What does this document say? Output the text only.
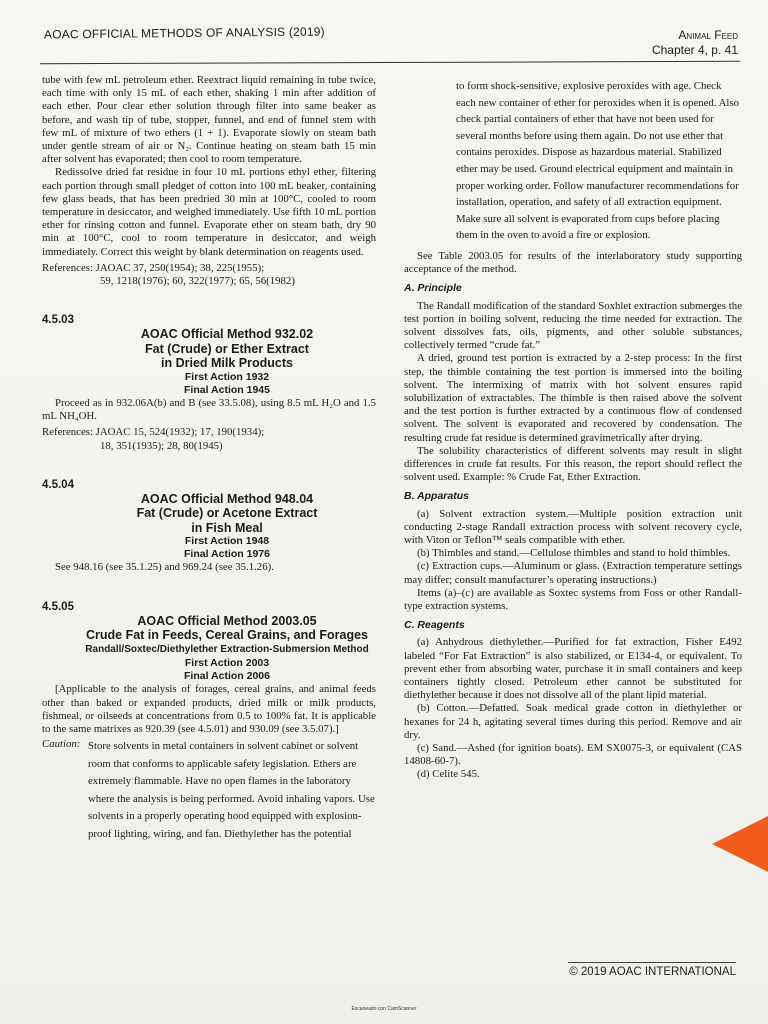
AOAC OFFICIAL METHODS OF ANALYSIS (2019)	Animal Feed
Chapter 4, p. 41

tube with few mL petroleum ether. Reextract liquid remaining in tube twice, each time with only 15 mL of each ether, shaking 1 min after addition of each ether. Pour clear ether solution through filter into same beaker as before, and wash tip of tube, stopper, funnel, and end of funnel stem with few mL of mixture of two ethers (1 + 1). Evaporate slowly on steam bath under gentle stream of air or N₂. Continue heating on steam bath 15 min after solvent has evaporated; then cool to room temperature.

Redissolve dried fat residue in four 10 mL portions ethyl ether, filtering each portion through small pledget of cotton into 100 mL beaker, containing few glass beads, that has been predried 30 min at 100°C, cooled to room temperature in desiccator, and weighed immediately. Use fifth 10 mL portion ether for rinsing cotton and funnel. Evaporate ether on steam bath, dry 90 min at 100°C, cool to room temperature in desiccator, and weigh immediately. Correct this weight by blank determination on reagents used.

References: JAOAC 37, 250(1954); 38, 225(1955);
59, 1218(1976); 60, 322(1977); 65, 56(1982)
4.5.03
AOAC Official Method 932.02
Fat (Crude) or Ether Extract
in Dried Milk Products
First Action 1932
Final Action 1945

Proceed as in 932.06A(b) and B (see 33.5.08), using 8.5 mL H₂O and 1.5 mL NH₄OH.

References: JAOAC 15, 524(1932); 17, 190(1934);
18, 351(1935); 28, 80(1945)
4.5.04
AOAC Official Method 948.04
Fat (Crude) or Acetone Extract
in Fish Meal
First Action 1948
Final Action 1976

See 948.16 (see 35.1.25) and 969.24 (see 35.1.26).

4.5.05
AOAC Official Method 2003.05
Crude Fat in Feeds, Cereal Grains, and Forages
Randall/Soxtec/Diethylether Extraction-Submersion Method
First Action 2003
Final Action 2006

[Applicable to the analysis of forages, cereal grains, and animal feeds other than baked or expanded products, dried milk or milk products, fishmeal, or oilseeds at concentrations from 0.5 to 100% fat. It is applicable to the same matrixes as 920.39 (see 4.5.01) and 930.09 (see 3.5.07).]

Caution: Store solvents in metal containers in solvent cabinet or solvent room that conforms to applicable safety legislation. Ethers are extremely flammable. Have no open flames in the laboratory where the analysis is being performed. Avoid inhaling vapors. Use solvents in a properly operating hood equipped with explosion-proof lighting, wiring, and fan. Diethylether has the potential

to form shock-sensitive, explosive peroxides with age. Check each new container of ether for peroxides when it is opened. Also check partial containers of ether that have not been used for several months before using them again. Do not use ether that contains peroxides. Dispose as hazardous material. Stabilized ether may be used. Ground electrical equipment and maintain in proper working order. Follow manufacturer recommendations for installation, operation, and safety of all extraction equipment. Make sure all solvent is evaporated from cups before placing them in the oven to avoid a fire or explosion.

See Table 2003.05 for results of the interlaboratory study supporting acceptance of the method.

A. Principle

The Randall modification of the standard Soxhlet extraction submerges the test portion in boiling solvent, reducing the time needed for extraction. The solvent dissolves fats, oils, pigments, and other soluble substances, collectively termed “crude fat.”

A dried, ground test portion is extracted by a 2-step process: In the first step, the thimble containing the test portion is immersed into the boiling solvent. The intermixing of matrix with hot solvent ensures rapid solubilization of extractables. The thimble is then raised above the solvent and the test portion is further extracted by a continuous flow of condensed solvent. The solvent is evaporated and recovered by condensation. The resulting crude fat residue is determined gravimetrically after drying.

The solubility characteristics of different solvents may result in slight differences in crude fat results. For this reason, the report should reflect the solvent used. Example: % Crude Fat, Ether Extraction.

B. Apparatus

(a) Solvent extraction system.—Multiple position extraction unit conducting 2-stage Randall extraction process with solvent recovery cycle, with Viton or Teflon™ seals compatible with ether.

(b) Thimbles and stand.—Cellulose thimbles and stand to hold thimbles.

(c) Extraction cups.—Aluminum or glass. (Extraction temperature settings may differ; consult manufacturer’s operating instructions.)

Items (a)–(c) are available as Soxtec systems from Foss or other Randall-type extraction systems.

C. Reagents

(a) Anhydrous diethylether.—Purified for fat extraction, Fisher E492 labeled “For Fat Extraction” is also stabilized, or E134-4, or equivalent. To prevent ether from absorbing water, purchase it in small containers and keep containers tightly closed. Petroleum ether cannot be substituted for diethylether because it does not dissolve all of the plant lipid material.

(b) Cotton.—Defatted. Soak medical grade cotton in diethylether or hexanes for 24 h, agitating several times during this period. Remove and air dry.

(c) Sand.—Ashed (for ignition boats). EM SX0075-3, or equivalent (CAS 14808-60-7).

(d) Celite 545.

© 2019 AOAC INTERNATIONAL
Escaneado con CamScanner
